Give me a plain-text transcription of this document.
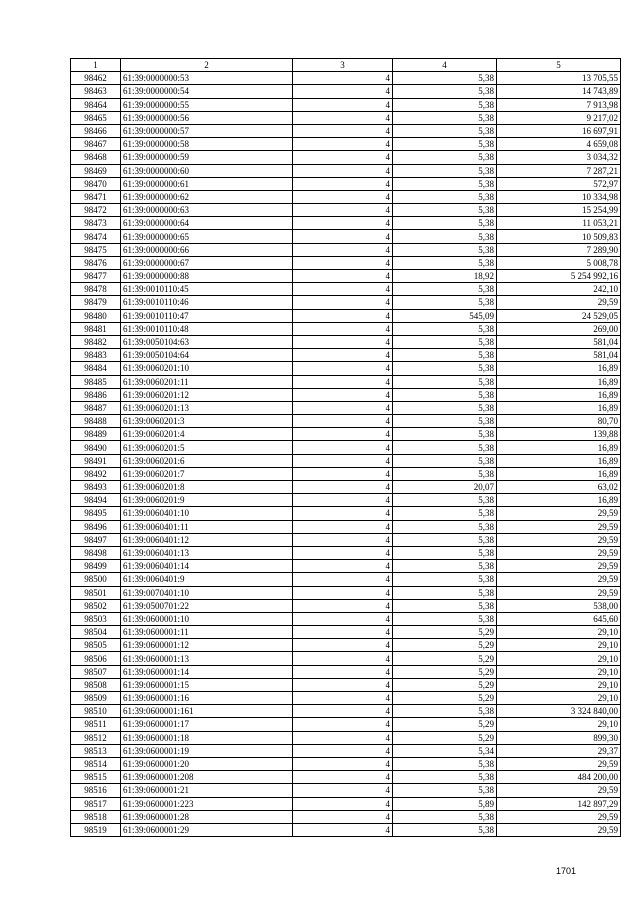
1	2	3	4	5
98462	61:39:0000000:53	4	5,38	13 705,55
98463	61:39:0000000:54	4	5,38	14 743,89
98464	61:39:0000000:55	4	5,38	7 913,98
98465	61:39:0000000:56	4	5,38	9 217,02
98466	61:39:0000000:57	4	5,38	16 697,91
98467	61:39:0000000:58	4	5,38	4 659,08
98468	61:39:0000000:59	4	5,38	3 034,32
98469	61:39:0000000:60	4	5,38	7 287,21
98470	61:39:0000000:61	4	5,38	572,97
98471	61:39:0000000:62	4	5,38	10 334,98
98472	61:39:0000000:63	4	5,38	15 254,99
98473	61:39:0000000:64	4	5,38	11 053,21
98474	61:39:0000000:65	4	5,38	10 509,83
98475	61:39:0000000:66	4	5,38	7 289,90
98476	61:39:0000000:67	4	5,38	5 008,78
98477	61:39:0000000:88	4	18,92	5 254 992,16
98478	61:39:0010110:45	4	5,38	242,10
98479	61:39:0010110:46	4	5,38	29,59
98480	61:39:0010110:47	4	545,09	24 529,05
98481	61:39:0010110:48	4	5,38	269,00
98482	61:39:0050104:63	4	5,38	581,04
98483	61:39:0050104:64	4	5,38	581,04
98484	61:39:0060201:10	4	5,38	16,89
98485	61:39:0060201:11	4	5,38	16,89
98486	61:39:0060201:12	4	5,38	16,89
98487	61:39:0060201:13	4	5,38	16,89
98488	61:39:0060201:3	4	5,38	80,70
98489	61:39:0060201:4	4	5,38	139,88
98490	61:39:0060201:5	4	5,38	16,89
98491	61:39:0060201:6	4	5,38	16,89
98492	61:39:0060201:7	4	5,38	16,89
98493	61:39:0060201:8	4	20,07	63,02
98494	61:39:0060201:9	4	5,38	16,89
98495	61:39:0060401:10	4	5,38	29,59
98496	61:39:0060401:11	4	5,38	29,59
98497	61:39:0060401:12	4	5,38	29,59
98498	61:39:0060401:13	4	5,38	29,59
98499	61:39:0060401:14	4	5,38	29,59
98500	61:39:0060401:9	4	5,38	29,59
98501	61:39:0070401:10	4	5,38	29,59
98502	61:39:0500701:22	4	5,38	538,00
98503	61:39:0600001:10	4	5,38	645,60
98504	61:39:0600001:11	4	5,29	29,10
98505	61:39:0600001:12	4	5,29	29,10
98506	61:39:0600001:13	4	5,29	29,10
98507	61:39:0600001:14	4	5,29	29,10
98508	61:39:0600001:15	4	5,29	29,10
98509	61:39:0600001:16	4	5,29	29,10
98510	61:39:0600001:161	4	5,38	3 324 840,00
98511	61:39:0600001:17	4	5,29	29,10
98512	61:39:0600001:18	4	5,29	899,30
98513	61:39:0600001:19	4	5,34	29,37
98514	61:39:0600001:20	4	5,38	29,59
98515	61:39:0600001:208	4	5,38	484 200,00
98516	61:39:0600001:21	4	5,38	29,59
98517	61:39:0600001:223	4	5,89	142 897,29
98518	61:39:0600001:28	4	5,38	29,59
98519	61:39:0600001:29	4	5,38	29,59
1701
